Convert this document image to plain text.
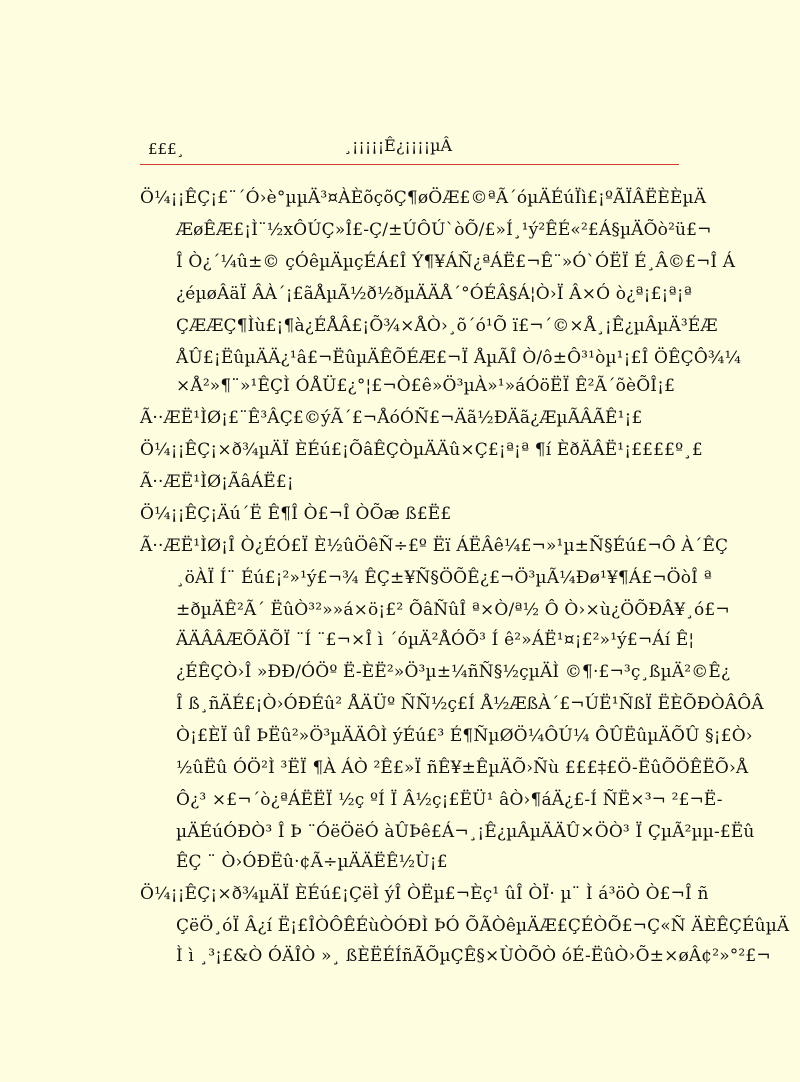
£££¸	¸¡¡¡¡¡Ê¿¡¡¡¡µÂ
Ö¼¡¡ÊÇ¡£¨´Ó›è°µµÄ³¤ÀÈõçõÇ¶øÖÆ£©ªÃ´óµÄÉúÏì£¡ºÃÏÂËÈÈµÄ
ÆøÊÆ£¡Ì¨½xÔÚÇ»Î£-Ç/±ÚÔÚ`òÕ/£»Í¸¹ý²ÊÉ«²£Á§µÄÕò²ü£¬
Î Ò¿´¼û±© çÓêµÄµçÉÁ£Î Ý¶¥ÁÑ¿ªÁË£¬Ê¨»Ó`ÓËÏ É¸Â©£¬Î Á
¿éµøÂäÏ ÂÀ´¡£ãÅµÃ½ð½ðµÄÄÅ´°ÓÉÂ§Á¦Ò›Ï Â×Ó ò¿ª¡£¡ª¡ª
ÇÆÆÇ¶Ìù£¡¶à¿ÉÅÂ£¡Õ¾×ÅÒ›¸õ´ó¹Õ ï£¬´©×Å¸¡Ê¿µÂµÄ³ÉÆ
ÅÛ£¡ËûµÄÄ¿¹â£¬ËûµÄÊÕÉÆ£¬Ï ÅµÃÎ Ò/ô±Ô³¹òµ¹¡£Î ÖÊÇÔ¾¼
×Å²»¶¨»¹ÊÇÌ ÓÅÜ£¿°¦£¬Ò£ê»Ö³µÀ»¹»áÓöËÏ Ê²Ã´õèÕÎ¡£
Ã··ÆË¹ÌØ¡£¨Ê³ÂÇ£©ýÃ´£¬ÅóÓÑ£¬Äã½ÐÄã¿ÆµÃÂÃÊ¹¡£
Ö¼¡¡ÊÇ¡×ð¾µÄÏ ÈÉú£¡ÕâÊÇÒµÄÄû×Ç£¡ª¡ª ¶í ÈðÄÂË¹¡££££º¸£
Ã··ÆË¹ÌØ¡ÃâÁË£¡
Ö¼¡¡ÊÇ¡Äú´Ë Ê¶Î Ò£¬Î ÒÕæ ß£Ë£
Ã··ÆË¹ÌØ¡Î Ò¿ÉÓ£Ï È½ûÖêÑ÷£º Ëï ÁËÂê¼£¬»¹µ±Ñ§Éú£¬Ô À´ÊÇ
¸öÀÏ Í¨ Éú£¡²»¹ý£¬¾ ÊÇ±¥Ñ§ÖÕÊ¿£¬Ö³µÃ¼Ðø¹¥¶Á£¬ÖòÎ ª
±ðµÄÊ²Ã´ ËûÒ³²»»á×ö¡£² ÕâÑûÎ ª×Ò/ª½ Ô Ò›×ù¿ÖÕÐÂ¥¸ó£¬
ÄÄÂÂÆÕÄÕÏ ¨Í ¨£¬×Î ì ´óµÄ²ÅÓÕ³ Í ê²»ÁË¹¤¡£²»¹ý£¬Áí Ê¦
¿ÉÊÇÒ›Î »ÐÐ/ÓÖº Ë-ÈË²»Ö³µ±¼ñÑ§½çµÄÌ ©¶·£¬³ç¸ßµÄ²©Ê¿
Î ß¸ñÄÉ£¡Ò›ÓÐÉû² ÅÄÜº ÑÑ½ç£Í Å½ÆßÀ´£¬ÚË¹ÑßÏ ËÈÕÐÒÂÔÂ
Ò¡£ÈÏ ûÎ ÞËû²»Ö³µÄÄÔÌ ýÉú£³ É¶ÑµØÖ¼ÔÚ¼ ÔÛËûµÄÕÛ §¡£Ò›
½ûËû ÓÖ²Ì ³ËÏ ¶À ÁÒ ²Ê£»Ï ñÊ¥±ÊµÄÕ›Ñù £££‡£Ö-ËûÕÖÊËÕ›Å
Ô¿³ ×£¬´ò¿ªÁËËÏ ½ç ºÍ Ï Â½ç¡£ËÜ¹ âÒ›¶áÄ¿£-Í ÑË×³¬ ²£¬Ë-
µÄÉúÓÐÒ³ Î Þ ¨ÓëÖëÓ àÛÞê£Á¬¸¡Ê¿µÂµÄÄÛ×ÖÒ³ Ï ÇµÃ²µµ-£Ëû
ÊÇ ¨ Ò›ÓÐËû·¢Ã÷µÄÄËÊ½Ù¡£
Ö¼¡¡ÊÇ¡×ð¾µÄÏ ÈÉú£¡ÇëÌ ýÎ ÒËµ£¬Èç¹ ûÎ ÒÏ· µ¨ Ì á³öÒ Ò£¬Î ñ
ÇëÖ¸óÏ Â¿í Ë¡£ÎÒÔÊÉùÒÓÐÌ ÞÓ ÕÃÒêµÄÆ£ÇÉÒÕ£¬Ç«Ñ ÄÈÊÇÉûµÄ
Ì ì ¸³¡£&Ò ÓÄÎÒ »¸ ßÈËÉÍñÃÕµÇÊ§×ÙÒÕÒ óÉ-ËûÒ›Õ±×øÂ¢²»°²£¬
